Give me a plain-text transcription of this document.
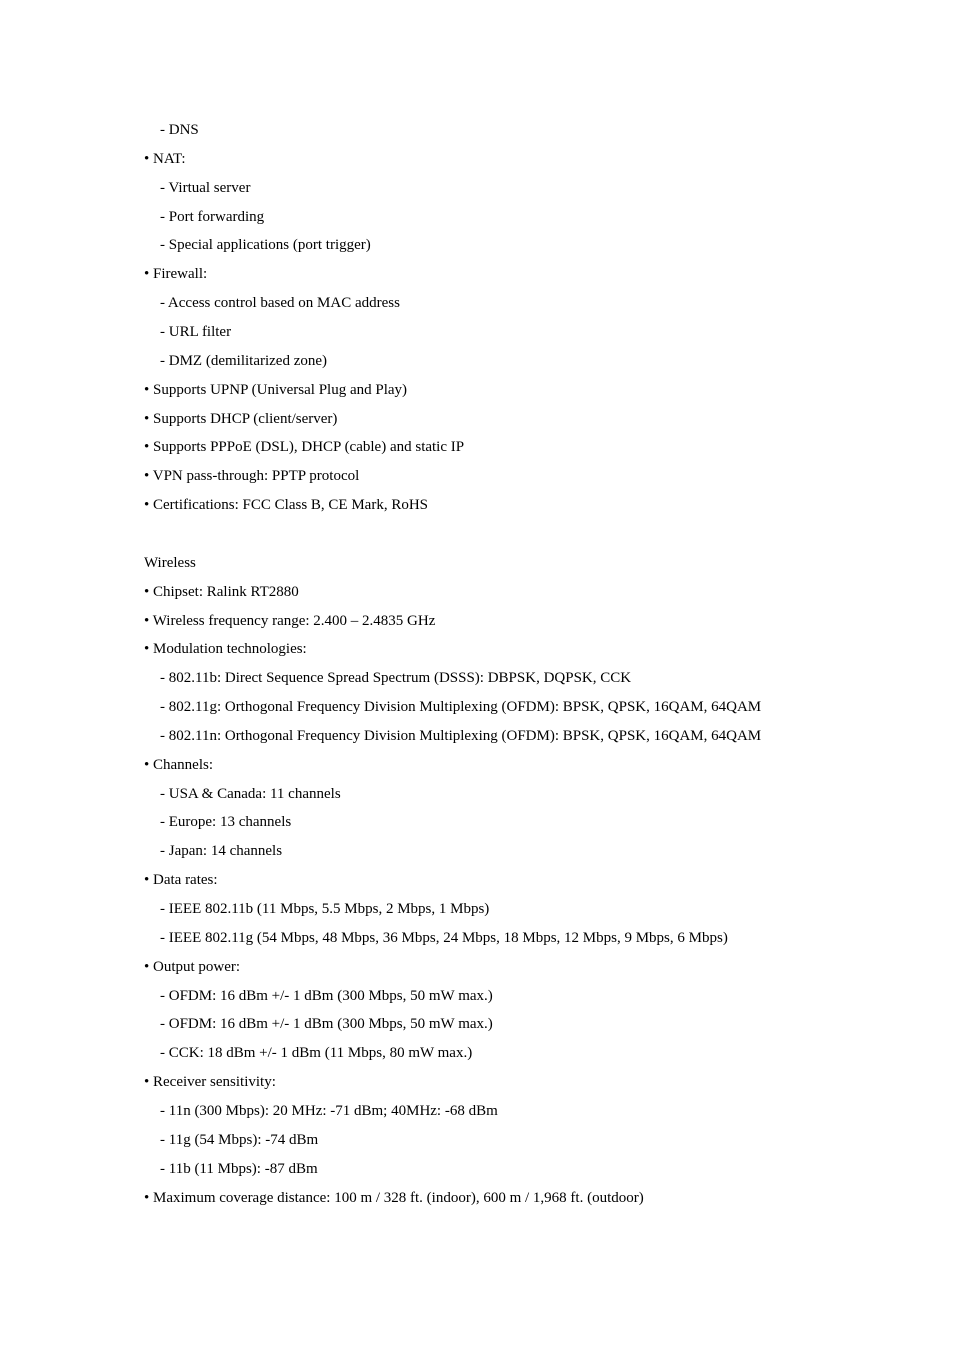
- DNS
• NAT:
- Virtual server
- Port forwarding
- Special applications (port trigger)
• Firewall:
- Access control based on MAC address
- URL filter
- DMZ (demilitarized zone)
• Supports UPNP (Universal Plug and Play)
• Supports DHCP (client/server)
• Supports PPPoE (DSL), DHCP (cable) and static IP
• VPN pass-through: PPTP protocol
• Certifications: FCC Class B, CE Mark, RoHS
Wireless
• Chipset: Ralink RT2880
• Wireless frequency range: 2.400 – 2.4835 GHz
• Modulation technologies:
- 802.11b: Direct Sequence Spread Spectrum (DSSS): DBPSK, DQPSK, CCK
- 802.11g: Orthogonal Frequency Division Multiplexing (OFDM): BPSK, QPSK, 16QAM, 64QAM
- 802.11n: Orthogonal Frequency Division Multiplexing (OFDM): BPSK, QPSK, 16QAM, 64QAM
• Channels:
- USA & Canada: 11 channels
- Europe: 13 channels
- Japan: 14 channels
• Data rates:
- IEEE 802.11b (11 Mbps, 5.5 Mbps, 2 Mbps, 1 Mbps)
- IEEE 802.11g (54 Mbps, 48 Mbps, 36 Mbps, 24 Mbps, 18 Mbps, 12 Mbps, 9 Mbps, 6 Mbps)
• Output power:
- OFDM: 16 dBm +/- 1 dBm (300 Mbps, 50 mW max.)
- OFDM: 16 dBm +/- 1 dBm (300 Mbps, 50 mW max.)
- CCK: 18 dBm +/- 1 dBm (11 Mbps, 80 mW max.)
• Receiver sensitivity:
- 11n (300 Mbps): 20 MHz: -71 dBm; 40MHz: -68 dBm
- 11g (54 Mbps): -74 dBm
- 11b (11 Mbps): -87 dBm
• Maximum coverage distance: 100 m / 328 ft. (indoor), 600 m / 1,968 ft. (outdoor)
